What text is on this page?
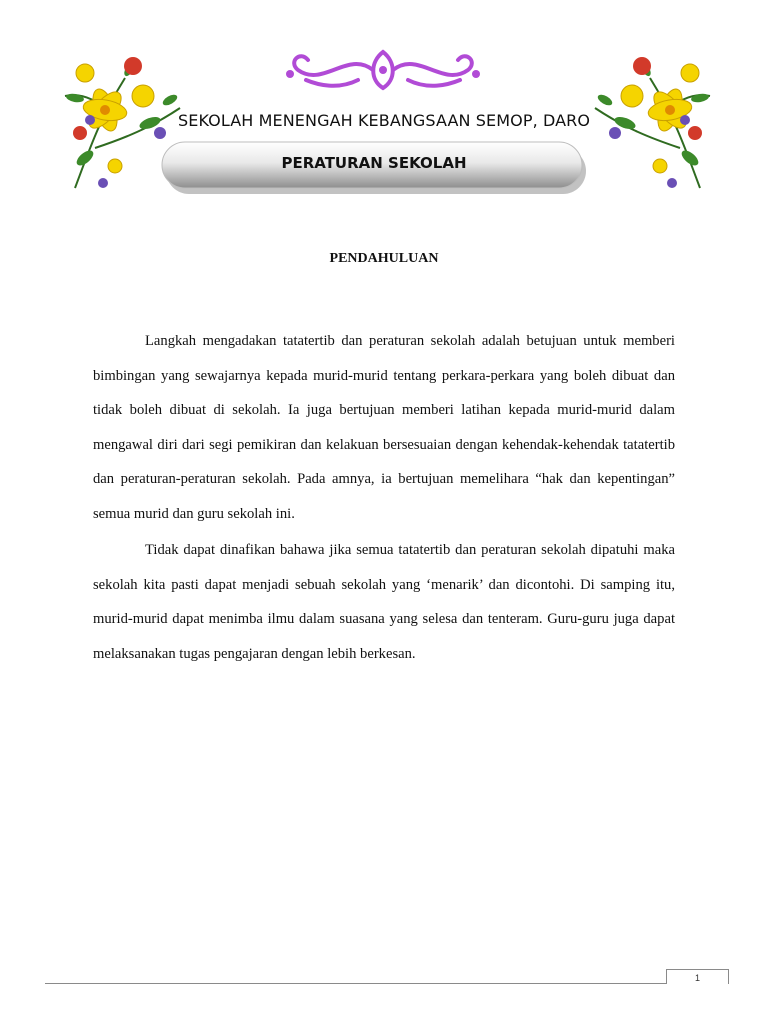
SEKOLAH MENENGAH KEBANGSAAN SEMOP, DARO
PERATURAN SEKOLAH
PENDAHULUAN

Langkah mengadakan tatatertib dan peraturan sekolah adalah betujuan untuk memberi bimbingan yang sewajarnya kepada murid-murid tentang perkara-perkara yang boleh dibuat dan tidak boleh dibuat di sekolah. Ia juga bertujuan memberi latihan kepada murid-murid dalam mengawal diri dari segi pemikiran dan kelakuan bersesuaian dengan kehendak-kehendak tatatertib dan peraturan-peraturan sekolah. Pada amnya, ia bertujuan memelihara “hak dan kepentingan” semua murid dan guru sekolah ini.

Tidak dapat dinafikan bahawa jika semua tatatertib dan peraturan sekolah dipatuhi maka sekolah kita pasti dapat menjadi sebuah sekolah yang ‘menarik’ dan dicontohi. Di samping itu, murid-murid dapat menimba ilmu dalam suasana yang selesa dan tenteram. Guru-guru juga dapat melaksanakan tugas pengajaran dengan lebih berkesan.

1
